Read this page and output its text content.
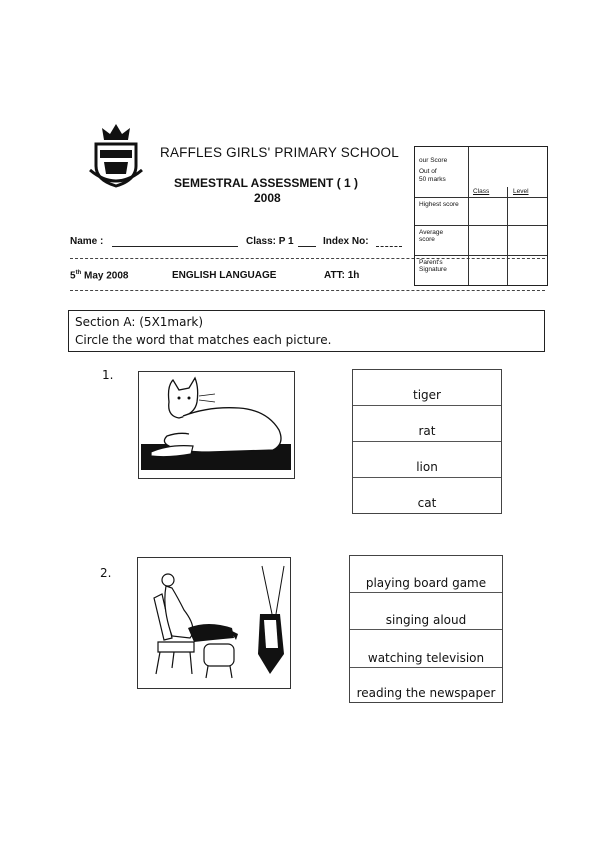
RAFFLES GIRLS' PRIMARY SCHOOL
SEMESTRAL ASSESSMENT ( 1 )
2008
Name :	Class: P 1	Index No:
5th May 2008	ENGLISH LANGUAGE	ATT: 1h
our Score
Out of
50 marks
Class	Level
Highest score
Average score
Parent's Signature
Section A: (5X1mark)
Circle the word that matches each picture.
1.
tiger
rat
lion
cat
2.
playing board game
singing aloud
watching television
reading the newspaper
